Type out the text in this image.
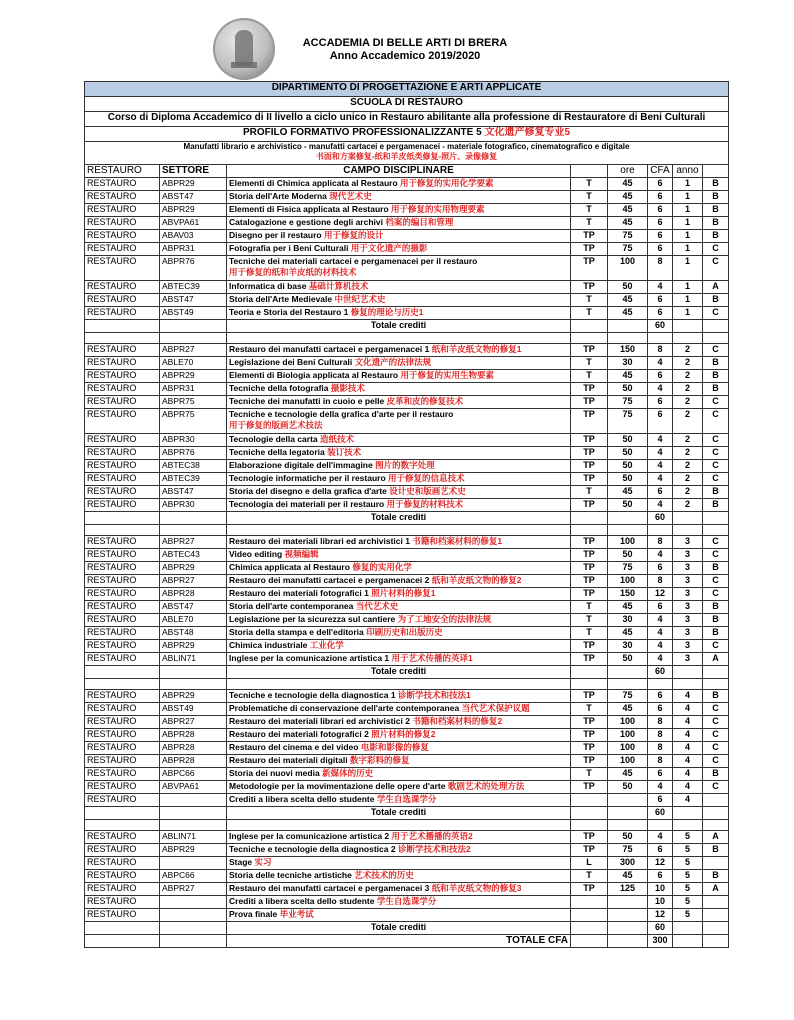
ACCADEMIA DI BELLE ARTI DI BRERA
Anno Accademico 2019/2020
DIPARTIMENTO DI PROGETTAZIONE E ARTI APPLICATE							
SCUOLA DI RESTAURO							
Corso di Diploma Accademico di II livello a ciclo unico in Restauro abilitante alla professione di Restauratore di Beni Culturali							
PROFILO FORMATIVO PROFESSIONALIZZANTE 5 文化遗产修复专业5							

Manufatti librario e archivistico - manufatti cartacei e pergamenacei - materiale fotografico, cinematografico e digitale
书面和方案修复-纸和羊皮纸类修复-照片、录像修复							

RESTAURO	SETTORE	CAMPO DISCIPLINARE		ore	CFA	anno	
RESTAURO	ABPR29	Elementi di Chimica applicata al Restauro 用于修复的实用化学要素	T	45	6	1	B
RESTAURO	ABST47	Storia dell'Arte Moderna 现代艺术史	T	45	6	1	B
RESTAURO	ABPR29	Elementi di Fisica applicata al Restauro 用于修复的实用物理要素	T	45	6	1	B
RESTAURO	ABVPA61	Catalogazione e gestione degli archivi 档案的编目和管理	T	45	6	1	B
RESTAURO	ABAV03	Disegno per il restauro 用于修复的设计	TP	75	6	1	B
RESTAURO	ABPR31	Fotografia per i Beni Culturali 用于文化遗产的摄影	TP	75	6	1	C
RESTAURO	ABPR76	Tecniche dei materiali cartacei e pergamenacei per il restauro
用于修复的纸和羊皮纸的材料技术	TP	100	8	1	C
RESTAURO	ABTEC39	Informatica di base 基础计算机技术	TP	50	4	1	A
RESTAURO	ABST47	Storia dell'Arte Medievale 中世纪艺术史	T	45	6	1	B
RESTAURO	ABST49	Teoria e Storia del Restauro 1 修复的理论与历史1	T	45	6	1	C
		Totale crediti			60		

RESTAURO	ABPR27	Restauro dei manufatti cartacei e pergamenacei 1 纸和羊皮纸文物的修复1	TP	150	8	2	C
RESTAURO	ABLE70	Legislazione dei Beni Culturali 文化遗产的法律法规	T	30	4	2	B
RESTAURO	ABPR29	Elementi di Biologia applicata al Restauro 用于修复的实用生物要素	T	45	6	2	B
RESTAURO	ABPR31	Tecniche della fotografia 摄影技术	TP	50	4	2	B
RESTAURO	ABPR75	Tecniche dei manufatti in cuoio e pelle 皮革和皮的修复技术	TP	75	6	2	C
RESTAURO	ABPR75	Tecniche e tecnologie della grafica d'arte per il restauro
用于修复的版画艺术技法	TP	75	6	2	C
RESTAURO	ABPR30	Tecnologie della carta 造纸技术	TP	50	4	2	C
RESTAURO	ABPR76	Tecniche della legatoria 装订技术	TP	50	4	2	C
RESTAURO	ABTEC38	Elaborazione digitale dell'immagine 图片的数字处理	TP	50	4	2	C
RESTAURO	ABTEC39	Tecnologie informatiche per il restauro 用于修复的信息技术	TP	50	4	2	C
RESTAURO	ABST47	Storia del disegno e della grafica d'arte 设计史和版画艺术史	T	45	6	2	B
RESTAURO	ABPR30	Tecnologia dei materiali per il restauro 用于修复的材料技术	TP	50	4	2	B
		Totale crediti			60		

RESTAURO	ABPR27	Restauro dei materiali librari ed archivistici 1 书籍和档案材料的修复1	TP	100	8	3	C
RESTAURO	ABTEC43	Video editing 视频编辑	TP	50	4	3	C
RESTAURO	ABPR29	Chimica applicata al Restauro 修复的实用化学	TP	75	6	3	B
RESTAURO	ABPR27	Restauro dei manufatti cartacei e pergamenacei 2 纸和羊皮纸文物的修复2	TP	100	8	3	C
RESTAURO	ABPR28	Restauro dei materiali fotografici 1 照片材料的修复1	TP	150	12	3	C
RESTAURO	ABST47	Storia dell'arte contemporanea 当代艺术史	T	45	6	3	B
RESTAURO	ABLE70	Legislazione per la sicurezza sul cantiere 为了工地安全的法律法规	T	30	4	3	B
RESTAURO	ABST48	Storia della stampa e dell'editoria 印刷历史和出版历史	T	45	4	3	B
RESTAURO	ABPR29	Chimica industriale 工业化学	TP	30	4	3	C
RESTAURO	ABLIN71	Inglese per la comunicazione artistica 1 用于艺术传播的英译1	TP	50	4	3	A
		Totale crediti			60		

RESTAURO	ABPR29	Tecniche e tecnologie della diagnostica 1 诊断学技术和技法1	TP	75	6	4	B
RESTAURO	ABST49	Problematiche di conservazione dell'arte contemporanea 当代艺术保护议题	T	45	6	4	C
RESTAURO	ABPR27	Restauro dei materiali librari ed archivistici 2 书籍和档案材料的修复2	TP	100	8	4	C
RESTAURO	ABPR28	Restauro dei materiali fotografici 2 照片材料的修复2	TP	100	8	4	C
RESTAURO	ABPR28	Restauro del cinema e del video 电影和影像的修复	TP	100	8	4	C
RESTAURO	ABPR28	Restauro dei materiali digitali 数字彩料的修复	TP	100	8	4	C
RESTAURO	ABPC66	Storia dei nuovi media 新媒体的历史	T	45	6	4	B
RESTAURO	ABVPA61	Metodologie per la movimentazione delle opere d'arte 歌剧艺术的处理方法	TP	50	4	4	C
RESTAURO		Crediti a libera scelta dello studente 学生自选课学分			6	4	
		Totale crediti			60		

RESTAURO	ABLIN71	Inglese per la comunicazione artistica 2 用于艺术播播的英语2	TP	50	4	5	A
RESTAURO	ABPR29	Tecniche e tecnologie della diagnostica 2 诊断学技术和技法2	TP	75	6	5	B
RESTAURO		Stage 实习	L	300	12	5	
RESTAURO	ABPC66	Storia delle tecniche artistiche 艺术技术的历史	T	45	6	5	B
RESTAURO	ABPR27	Restauro dei manufatti cartacei e pergamenacei 3 纸和羊皮纸文物的修复3	TP	125	10	5	A
RESTAURO		Crediti a libera scelta dello studente 学生自选课学分			10	5	
RESTAURO		Prova finale 毕业考试			12	5	
		Totale crediti			60		
		TOTALE CFA			300		
